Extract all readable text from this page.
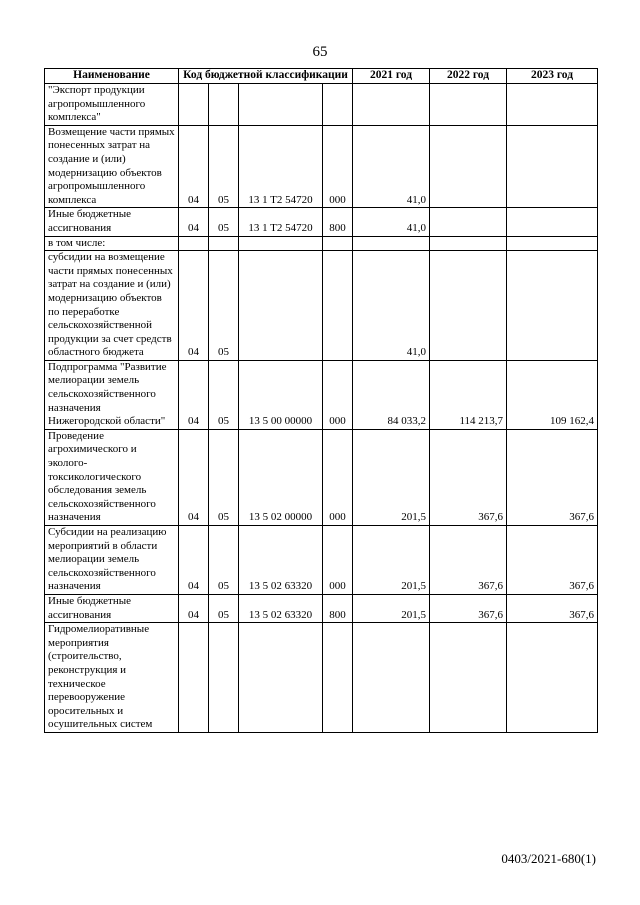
65
Наименование	Код бюджетной классификации				2021 год	2022 год	2023 год
"Экспорт продукции агропромышленного комплекса"							
Возмещение части прямых понесенных затрат на создание и (или) модернизацию объектов агропромышленного комплекса	04	05	13 1 T2 54720	000	41,0		
Иные бюджетные ассигнования	04	05	13 1 T2 54720	800	41,0		
в том числе:							
субсидии на возмещение части прямых понесенных затрат на создание и (или) модернизацию объектов по переработке сельскохозяйственной продукции за счет средств областного бюджета	04	05			41,0		
Подпрограмма "Развитие мелиорации земель сельскохозяйственного назначения Нижегородской области"	04	05	13 5 00 00000	000	84 033,2	114 213,7	109 162,4
Проведение агрохимического и эколого-токсикологического обследования земель сельскохозяйственного назначения	04	05	13 5 02 00000	000	201,5	367,6	367,6
Субсидии на реализацию мероприятий в области мелиорации земель сельскохозяйственного назначения	04	05	13 5 02 63320	000	201,5	367,6	367,6
Иные бюджетные ассигнования	04	05	13 5 02 63320	800	201,5	367,6	367,6
Гидромелиоративные мероприятия (строительство, реконструкция и техническое перевооружение оросительных и осушительных систем							
0403/2021-680(1)
